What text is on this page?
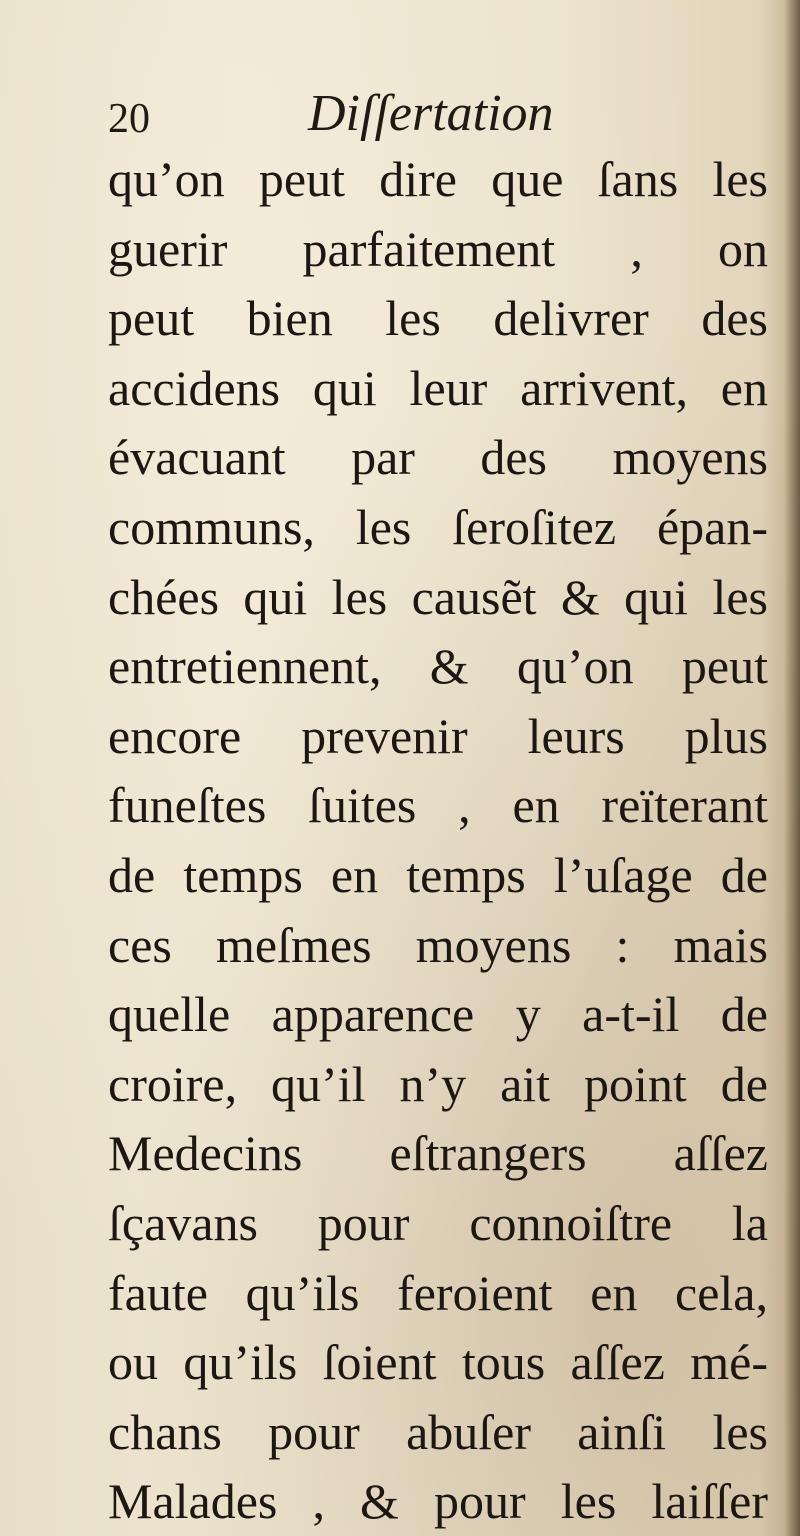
20	Diſſertation
qu’on peut dire que ſans les
guerir parfaitement , on
peut bien les delivrer des
accidens qui leur arrivent, en
évacuant par des moyens
communs, les ſeroſitez épan-
chées qui les causẽt & qui les
entretiennent, & qu’on peut
encore prevenir leurs plus
funeſtes ſuites , en reïterant
de temps en temps l’uſage de
ces meſmes moyens : mais
quelle apparence y a-t-il de
croire, qu’il n’y ait point de
Medecins eſtrangers aſſez
ſçavans pour connoiſtre la
faute qu’ils feroient en cela,
ou qu’ils ſoient tous aſſez mé-
chans pour abuſer ainſi les
Malades , & pour les laiſſer
